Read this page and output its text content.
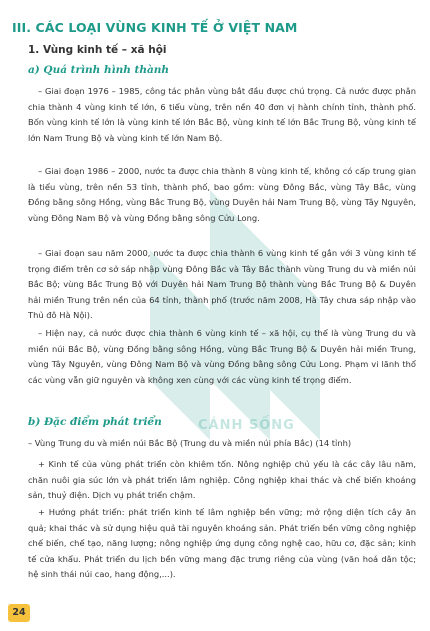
CÁNH SỐNG
III. CÁC LOẠI VÙNG KINH TẾ Ở VIỆT NAM
1. Vùng kinh tế – xã hội
a) Quá trình hình thành
– Giai đoạn 1976 – 1985, công tác phân vùng bắt đầu được chú trọng. Cả nước được phân chia thành 4 vùng kinh tế lớn, 6 tiểu vùng, trên nền 40 đơn vị hành chính tỉnh, thành phố. Bốn vùng kinh tế lớn là vùng kinh tế lớn Bắc Bộ, vùng kinh tế lớn Bắc Trung Bộ, vùng kinh tế lớn Nam Trung Bộ và vùng kinh tế lớn Nam Bộ.
– Giai đoạn 1986 – 2000, nước ta được chia thành 8 vùng kinh tế, không có cấp trung gian là tiểu vùng, trên nền 53 tỉnh, thành phố, bao gồm: vùng Đông Bắc, vùng Tây Bắc, vùng Đồng bằng sông Hồng, vùng Bắc Trung Bộ, vùng Duyên hải Nam Trung Bộ, vùng Tây Nguyên, vùng Đông Nam Bộ và vùng Đồng bằng sông Cửu Long.
– Giai đoạn sau năm 2000, nước ta được chia thành 6 vùng kinh tế gắn với 3 vùng kinh tế trọng điểm trên cơ sở sáp nhập vùng Đông Bắc và Tây Bắc thành vùng Trung du và miền núi Bắc Bộ; vùng Bắc Trung Bộ với Duyên hải Nam Trung Bộ thành vùng Bắc Trung Bộ & Duyên hải miền Trung trên nền của 64 tỉnh, thành phố (trước năm 2008, Hà Tây chưa sáp nhập vào Thủ đô Hà Nội).
– Hiện nay, cả nước được chia thành 6 vùng kinh tế – xã hội, cụ thể là vùng Trung du và miền núi Bắc Bộ, vùng Đồng bằng sông Hồng, vùng Bắc Trung Bộ & Duyên hải miền Trung, vùng Tây Nguyên, vùng Đông Nam Bộ và vùng Đồng bằng sông Cửu Long. Phạm vi lãnh thổ các vùng vẫn giữ nguyên và không xen cùng với các vùng kinh tế trọng điểm.
b) Đặc điểm phát triển
– Vùng Trung du và miền núi Bắc Bộ (Trung du và miền núi phía Bắc) (14 tỉnh)
+ Kinh tế của vùng phát triển còn khiêm tốn. Nông nghiệp chủ yếu là các cây lâu năm, chăn nuôi gia súc lớn và phát triển lâm nghiệp. Công nghiệp khai thác và chế biến khoáng sản, thuỷ điện. Dịch vụ phát triển chậm.
+ Hướng phát triển: phát triển kinh tế lâm nghiệp bền vững; mở rộng diện tích cây ăn quả; khai thác và sử dụng hiệu quả tài nguyên khoáng sản. Phát triển bền vững công nghiệp chế biến, chế tạo, năng lượng; nông nghiệp ứng dụng công nghệ cao, hữu cơ, đặc sản; kinh tế cửa khẩu. Phát triển du lịch bền vững mang đặc trưng riêng của vùng (văn hoá dân tộc; hệ sinh thái núi cao, hang động,...).
24
